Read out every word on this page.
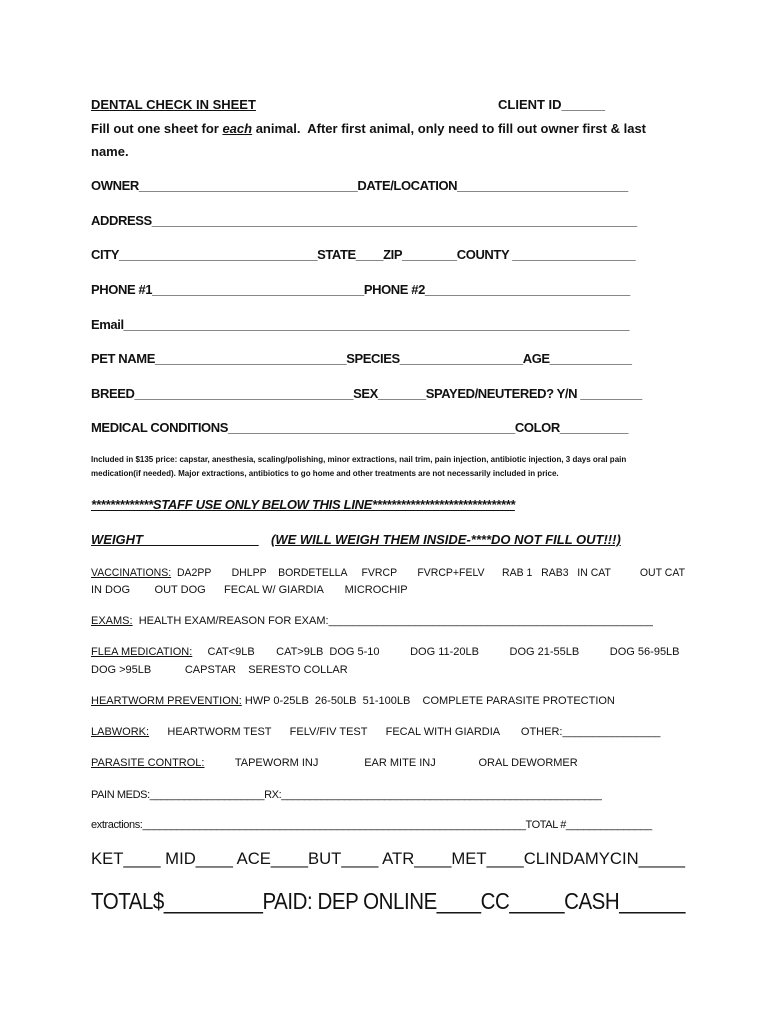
DENTAL CHECK IN SHEET	CLIENT ID______
Fill out one sheet for each animal.  After first animal, only need to fill out owner first & last
name.
OWNER________________________________DATE/LOCATION_________________________
ADDRESS_______________________________________________________________________
CITY_____________________________STATE____ZIP________COUNTY __________________
PHONE #1_______________________________PHONE #2______________________________
Email__________________________________________________________________________
PET NAME____________________________SPECIES__________________AGE____________
BREED________________________________SEX_______SPAYED/NEUTERED? Y/N _________
MEDICAL CONDITIONS__________________________________________COLOR__________
Included in $135 price: capstar, anesthesia, scaling/polishing, minor extractions, nail trim, pain injection, antibiotic injection, 3 days oral pain
medication(if needed). Major extractions, antibiotics to go home and other treatments are not necessarily included in price.
*************STAFF USE ONLY BELOW THIS LINE******************************
WEIGHT________________ (WE WILL WEIGH THEM INSIDE-****DO NOT FILL OUT!!!)
VACCINATIONS:  DA2PP       DHLPP    BORDETELLA     FVRCP       FVRCP+FELV      RAB 1   RAB3   IN CAT          OUT CAT
IN DOG        OUT DOG      FECAL W/ GIARDIA       MICROCHIP
EXAMS:  HEALTH EXAM/REASON FOR EXAM:_____________________________________________________
FLEA MEDICATION:     CAT<9LB       CAT>9LB  DOG 5-10          DOG 11-20LB          DOG 21-55LB          DOG 56-95LB
DOG >95LB           CAPSTAR    SERESTO COLLAR
HEARTWORM PREVENTION: HWP 0-25LB  26-50LB  51-100LB    COMPLETE PARASITE PROTECTION
LABWORK:      HEARTWORM TEST      FELV/FIV TEST      FECAL WITH GIARDIA       OTHER:________________
PARASITE CONTROL:          TAPEWORM INJ               EAR MITE INJ              ORAL DEWORMER
PAIN MEDS:____________________RX:________________________________________________________
extractions:___________________________________________________________________TOTAL #_______________
KET____ MID____ ACE____BUT____ ATR____MET____CLINDAMYCIN_____
TOTAL$_________PAID: DEP ONLINE____CC_____CASH______
